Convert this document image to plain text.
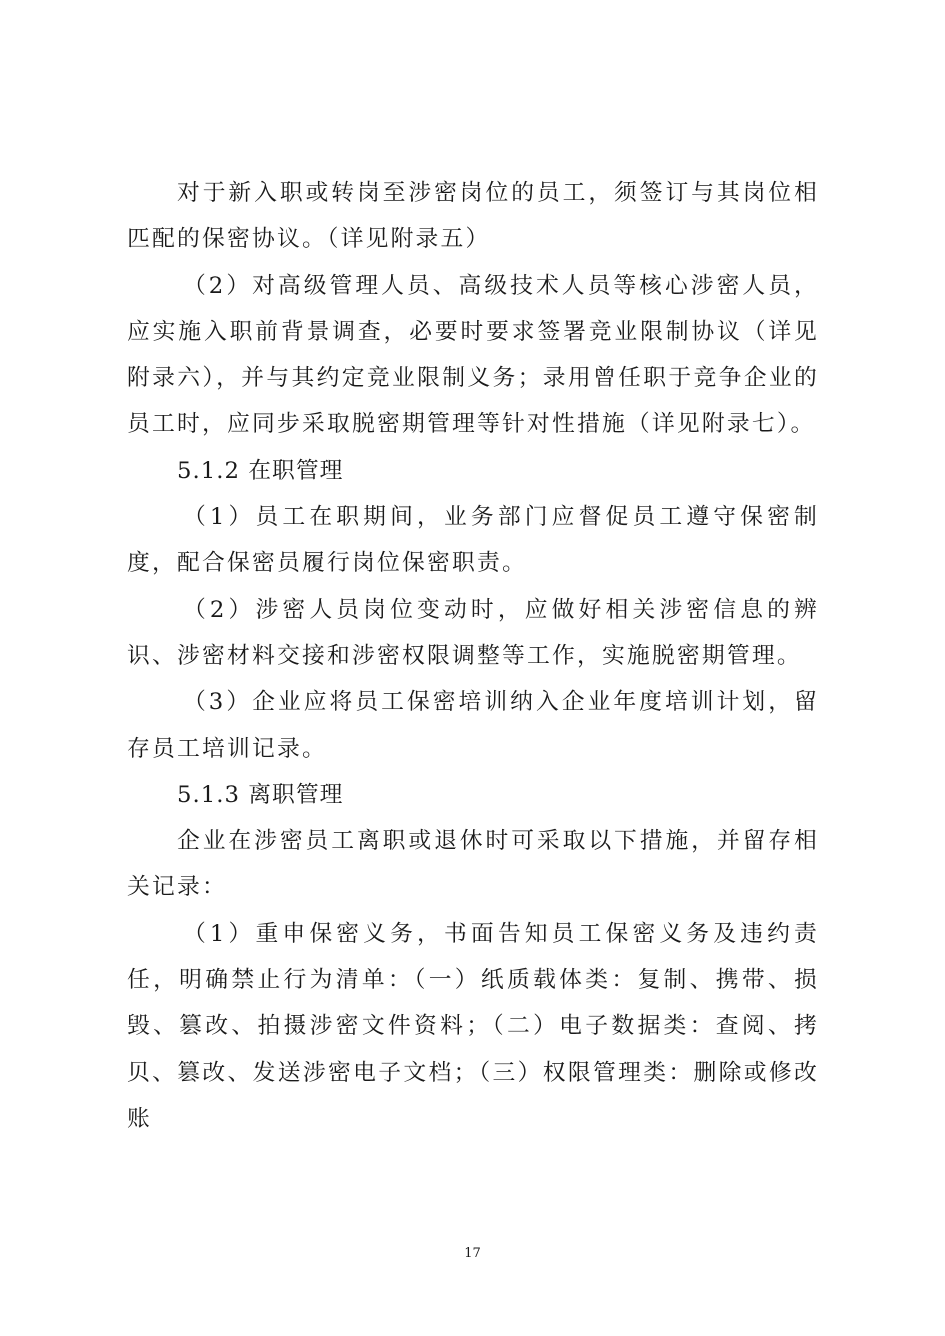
对于新入职或转岗至涉密岗位的员工，须签订与其岗位相匹配的保密协议。（详见附录五）

（2）对高级管理人员、高级技术人员等核心涉密人员，应实施入职前背景调查，必要时要求签署竞业限制协议（详见附录六），并与其约定竞业限制义务；录用曾任职于竞争企业的员工时，应同步采取脱密期管理等针对性措施（详见附录七）。

5.1.2 在职管理

（1）员工在职期间，业务部门应督促员工遵守保密制度，配合保密员履行岗位保密职责。

（2）涉密人员岗位变动时，应做好相关涉密信息的辨识、涉密材料交接和涉密权限调整等工作，实施脱密期管理。

（3）企业应将员工保密培训纳入企业年度培训计划，留存员工培训记录。

5.1.3 离职管理

企业在涉密员工离职或退休时可采取以下措施，并留存相关记录：

（1）重申保密义务，书面告知员工保密义务及违约责任，明确禁止行为清单：（一）纸质载体类：复制、携带、损毁、篡改、拍摄涉密文件资料；（二）电子数据类：查阅、拷贝、篡改、发送涉密电子文档；（三）权限管理类：删除或修改账

17
